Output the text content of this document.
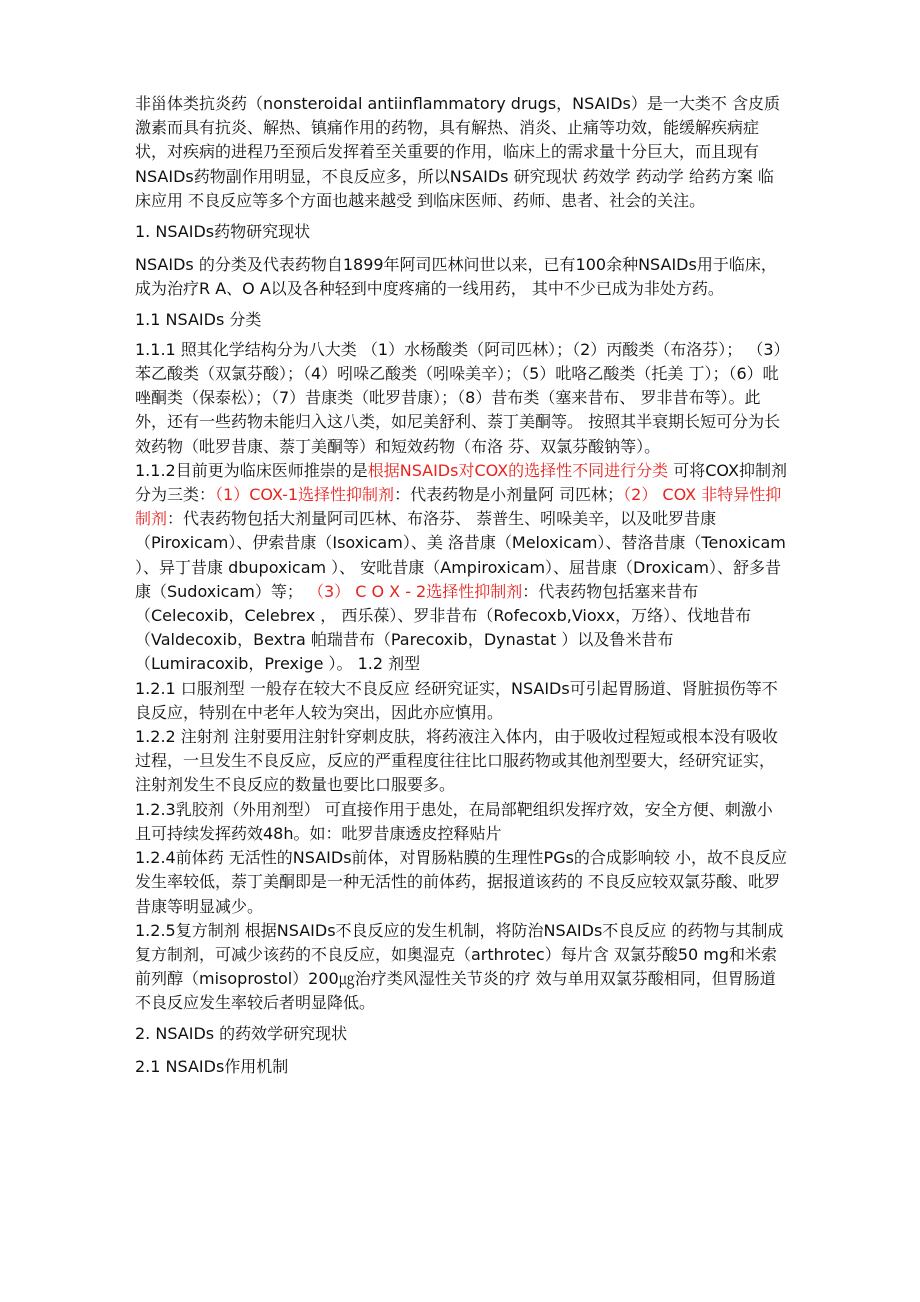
非甾体类抗炎药（nonsteroidal antiinflammatory drugs，NSAIDs）是一大类不 含皮质激素而具有抗炎、解热、镇痛作用的药物，具有解热、消炎、止痛等功效，能缓解疾病症状，对疾病的进程乃至预后发挥着至关重要的作用，临床上的需求量十分巨大，而且现有NSAIDs药物副作用明显，不良反应多，所以NSAIDs 研究现状 药效学 药动学 给药方案 临床应用 不良反应等多个方面也越来越受 到临床医师、药师、患者、社会的关注。

1. NSAIDs药物研究现状

NSAIDs 的分类及代表药物自1899年阿司匹林问世以来，已有100余种NSAIDs用于临床，成为治疗R A、O A以及各种轻到中度疼痛的一线用药， 其中不少已成为非处方药。

1.1 NSAIDs 分类

1.1.1 照其化学结构分为八大类 （1）水杨酸类（阿司匹林）；（2）丙酸类（布洛芬）； （3）苯乙酸类（双氯芬酸）；（4）吲哚乙酸类（吲哚美辛）；（5）吡咯乙酸类（托美 丁）；（6）吡唑酮类（保泰松）；（7）昔康类（吡罗昔康）；（8）昔布类（塞来昔布、 罗非昔布等）。此外，还有一些药物未能归入这八类，如尼美舒利、萘丁美酮等。 按照其半衰期长短可分为长效药物（吡罗昔康、萘丁美酮等）和短效药物（布洛 芬、双氯芬酸钠等）。

1.1.2目前更为临床医师推崇的是根据NSAIDs对COX的选择性不同进行分类 可将COX抑制剂分为三类：（1）COX-1选择性抑制剂：代表药物是小剂量阿 司匹林；（2） COX 非特异性抑制剂：代表药物包括大剂量阿司匹林、布洛芬、 萘普生、吲哚美辛，以及吡罗昔康（Piroxicam）、伊索昔康（Isoxicam）、美 洛昔康（Meloxicam）、替洛昔康（Tenoxicam ）、异丁昔康 dbupoxicam ）、 安吡昔康（Ampiroxicam）、屈昔康（Droxicam）、舒多昔康（Sudoxicam）等； （3） C O X - 2选择性抑制剂：代表药物包括塞来昔布（Celecoxib，Celebrex ， 西乐葆）、罗非昔布（Rofecoxb,Vioxx，万络）、伐地昔布（Valdecoxib，Bextra 帕瑞昔布（Parecoxib，Dynastat ）以及鲁米昔布（Lumiracoxib，Prexige ）。 1.2 剂型

1.2.1 口服剂型 一般存在较大不良反应 经研究证实，NSAIDs可引起胃肠道、肾脏损伤等不良反应，特别在中老年人较为突出，因此亦应慎用。

1.2.2 注射剂 注射要用注射针穿刺皮肤，将药液注入体内，由于吸收过程短或根本没有吸收过程，一旦发生不良反应，反应的严重程度往往比口服药物或其他剂型要大，经研究证实，注射剂发生不良反应的数量也要比口服要多。

1.2.3乳胶剂（外用剂型） 可直接作用于患处，在局部靶组织发挥疗效，安全方便、刺激小且可持续发挥药效48h。如：吡罗昔康透皮控释贴片

1.2.4前体药 无活性的NSAIDs前体，对胃肠粘膜的生理性PGs的合成影响较 小，故不良反应发生率较低，萘丁美酮即是一种无活性的前体药，据报道该药的 不良反应较双氯芬酸、吡罗昔康等明显减少。

1.2.5复方制剂 根据NSAIDs不良反应的发生机制，将防治NSAIDs不良反应 的药物与其制成复方制剂，可减少该药的不良反应，如奥湿克（arthrotec）每片含 双氯芬酸50 mg和米索前列醇（misoprostol）200㎍治疗类风湿性关节炎的疗 效与单用双氯芬酸相同，但胃肠道不良反应发生率较后者明显降低。

2. NSAIDs 的药效学研究现状

2.1 NSAIDs作用机制
